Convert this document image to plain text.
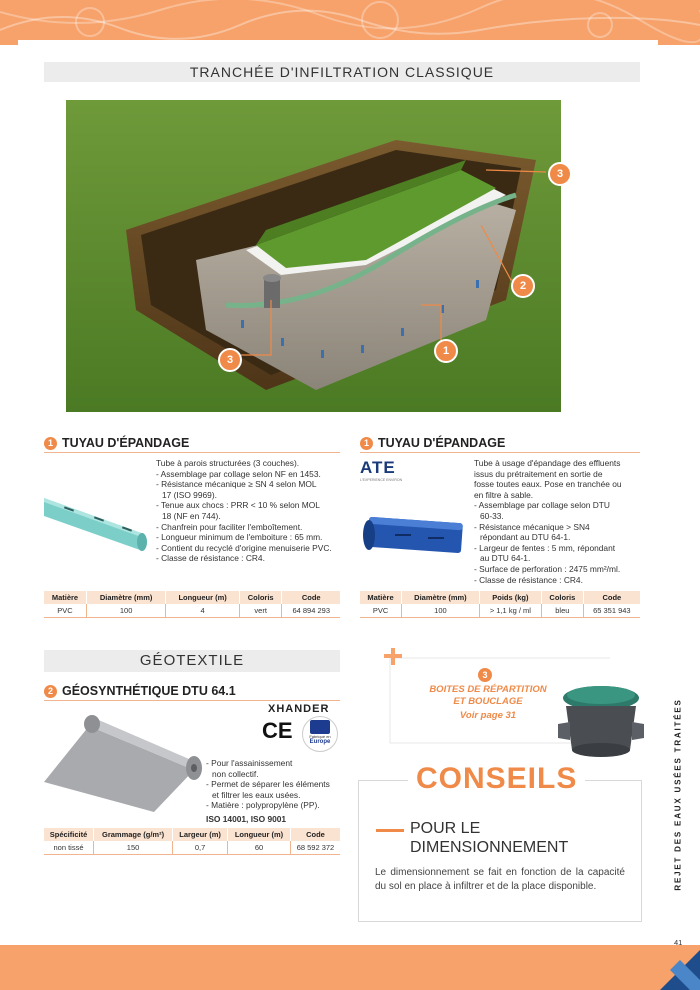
TRANCHÉE D'INFILTRATION CLASSIQUE
3
2
1
3
1 TUYAU D'ÉPANDAGE
Tube à parois structurées (3 couches).
- Assemblage par collage selon NF en 1453.
- Résistance mécanique ≥ SN 4 selon MOL
17 (ISO 9969).
- Tenue aux chocs : PRR < 10 % selon MOL
18 (NF en 744).
- Chanfrein pour faciliter l'emboîtement.
- Longueur minimum de l'emboiture : 65 mm.
- Contient du recyclé d'origine menuiserie PVC.
- Classe de résistance : CR4.
Matière	Diamètre (mm)	Longueur (m)	Coloris	Code
PVC	100	4	vert	64 894 293
1 TUYAU D'ÉPANDAGE
ATE
L'EXPERIENCE ENVIRON
Tube à usage d'épandage des effluents
issus du prétraitement en sortie de
fosse toutes eaux. Pose en tranchée ou
en filtre à sable.
- Assemblage par collage selon DTU
60-33.
- Résistance mécanique > SN4
répondant au DTU 64-1.
- Largeur de fentes : 5 mm, répondant
au DTU 64-1.
- Surface de perforation : 2475 mm²/ml.
- Classe de résistance : CR4.
Matière	Diamètre (mm)	Poids (kg)	Coloris	Code
PVC	100	> 1,1 kg / ml	bleu	65 351 943
GÉOTEXTILE
2 GÉOSYNTHÉTIQUE DTU 64.1
XHANDER
CE	Fabriqué en
Europe
- Pour l'assainissement
non collectif.
- Permet de séparer les éléments
et filtrer les eaux usées.
- Matière : polypropylène (PP).
ISO 14001, ISO 9001
Spécificité	Grammage (g/m²)	Largeur (m)	Longueur (m)	Code
non tissé	150	0,7	60	68 592 372
3
BOITES DE RÉPARTITION
ET BOUCLAGE
Voir page 31
CONSEILS
POUR LE
DIMENSIONNEMENT
Le dimensionnement se fait en fonction de la capacité du sol en place à infiltrer et de la place disponible.	REJET DES EAUX USÉES TRAITÉES
41
